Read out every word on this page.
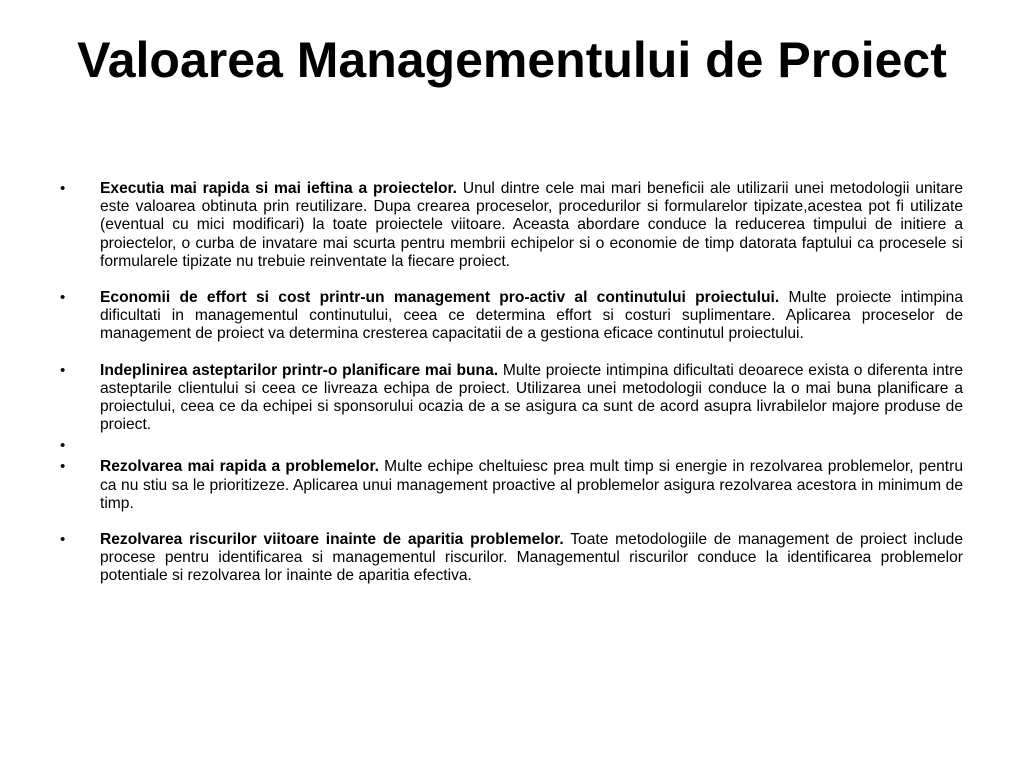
Valoarea Managementului de Proiect
• Executia mai rapida si mai ieftina a proiectelor. Unul dintre cele mai mari beneficii ale utilizarii unei metodologii unitare este valoarea obtinuta prin reutilizare. Dupa crearea proceselor, procedurilor si formularelor tipizate,acestea pot fi utilizate (eventual cu mici modificari) la toate proiectele viitoare. Aceasta abordare conduce la reducerea timpului de initiere a proiectelor, o curba de invatare mai scurta pentru membrii echipelor si o economie de timp datorata faptului ca procesele si formularele tipizate nu trebuie reinventate la fiecare proiect.
• Economii de effort si cost printr-un management pro-activ al continutului proiectului. Multe proiecte intimpina dificultati in managementul continutului, ceea ce determina effort si costuri suplimentare. Aplicarea proceselor de management de proiect va determina cresterea capacitatii de a gestiona eficace continutul proiectului.
• Indeplinirea asteptarilor printr-o planificare mai buna. Multe proiecte intimpina dificultati deoarece exista o diferenta intre asteptarile clientului si ceea ce livreaza echipa de proiect. Utilizarea unei metodologii conduce la o mai buna planificare a proiectului, ceea ce da echipei si sponsorului ocazia de a se asigura ca sunt de acord asupra livrabilelor majore produse de proiect.
•
• Rezolvarea mai rapida a problemelor. Multe echipe cheltuiesc prea mult timp si energie in rezolvarea problemelor, pentru ca nu stiu sa le prioritizeze. Aplicarea unui management proactive al problemelor asigura rezolvarea acestora in minimum de timp.
• Rezolvarea riscurilor viitoare inainte de aparitia problemelor. Toate metodologiile de management de proiect include procese pentru identificarea si managementul riscurilor. Managementul riscurilor conduce la identificarea problemelor potentiale si rezolvarea lor inainte de aparitia efectiva.
